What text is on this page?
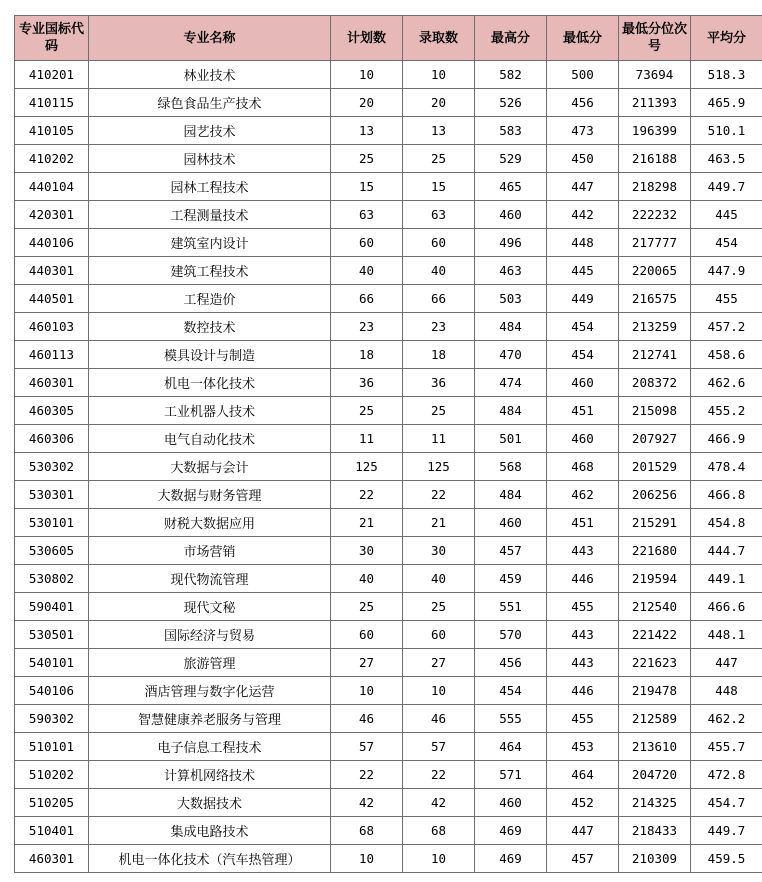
专业国标代码	专业名称	计划数	录取数	最高分	最低分	最低分位次号	平均分
410201	林业技术	10	10	582	500	73694	518.3
410115	绿色食品生产技术	20	20	526	456	211393	465.9
410105	园艺技术	13	13	583	473	196399	510.1
410202	园林技术	25	25	529	450	216188	463.5
440104	园林工程技术	15	15	465	447	218298	449.7
420301	工程测量技术	63	63	460	442	222232	445
440106	建筑室内设计	60	60	496	448	217777	454
440301	建筑工程技术	40	40	463	445	220065	447.9
440501	工程造价	66	66	503	449	216575	455
460103	数控技术	23	23	484	454	213259	457.2
460113	模具设计与制造	18	18	470	454	212741	458.6
460301	机电一体化技术	36	36	474	460	208372	462.6
460305	工业机器人技术	25	25	484	451	215098	455.2
460306	电气自动化技术	11	11	501	460	207927	466.9
530302	大数据与会计	125	125	568	468	201529	478.4
530301	大数据与财务管理	22	22	484	462	206256	466.8
530101	财税大数据应用	21	21	460	451	215291	454.8
530605	市场营销	30	30	457	443	221680	444.7
530802	现代物流管理	40	40	459	446	219594	449.1
590401	现代文秘	25	25	551	455	212540	466.6
530501	国际经济与贸易	60	60	570	443	221422	448.1
540101	旅游管理	27	27	456	443	221623	447
540106	酒店管理与数字化运营	10	10	454	446	219478	448
590302	智慧健康养老服务与管理	46	46	555	455	212589	462.2
510101	电子信息工程技术	57	57	464	453	213610	455.7
510202	计算机网络技术	22	22	571	464	204720	472.8
510205	大数据技术	42	42	460	452	214325	454.7
510401	集成电路技术	68	68	469	447	218433	449.7
460301	机电一体化技术（汽车热管理）	10	10	469	457	210309	459.5
